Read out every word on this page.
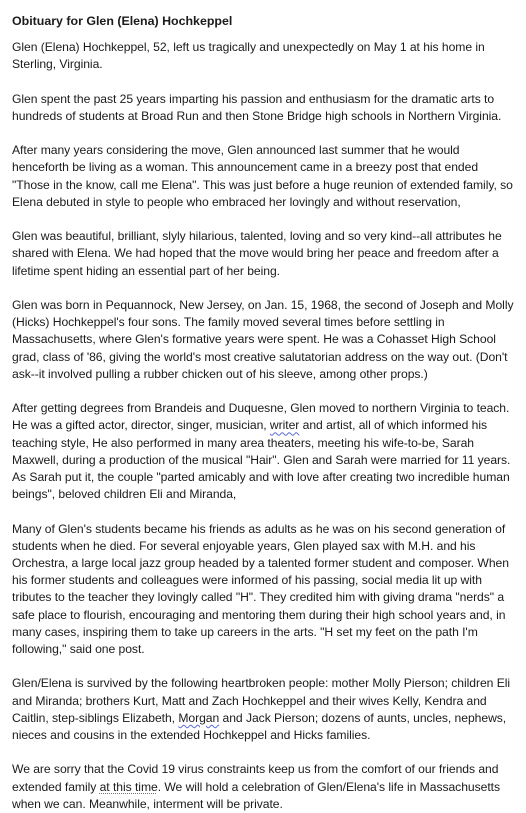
Obituary for Glen (Elena) Hochkeppel

Glen (Elena) Hochkeppel, 52, left us tragically and unexpectedly on May 1 at his home in Sterling, Virginia.

Glen spent the past 25 years imparting his passion and enthusiasm for the dramatic arts to hundreds of students at Broad Run and then Stone Bridge high schools in Northern Virginia.

After many years considering the move, Glen announced last summer that he would henceforth be living as a woman. This announcement came in a breezy post that ended "Those in the know, call me Elena". This was just before a huge reunion of extended family, so Elena debuted in style to people who embraced her lovingly and without reservation,

Glen was beautiful, brilliant, slyly hilarious, talented, loving and so very kind--all attributes he shared with Elena. We had hoped that the move would bring her peace and freedom after a lifetime spent hiding an essential part of her being.

Glen was born in Pequannock, New Jersey, on Jan. 15, 1968, the second of Joseph and Molly (Hicks) Hochkeppel's four sons. The family moved several times before settling in Massachusetts, where Glen's formative years were spent. He was a Cohasset High School grad, class of '86, giving the world's most creative salutatorian address on the way out. (Don't ask--it involved pulling a rubber chicken out of his sleeve, among other props.)

After getting degrees from Brandeis and Duquesne, Glen moved to northern Virginia to teach. He was a gifted actor, director, singer, musician, writer and artist, all of which informed his teaching style, He also performed in many area theaters, meeting his wife-to-be, Sarah Maxwell, during a production of the musical "Hair". Glen and Sarah were married for 11 years. As Sarah put it, the couple "parted amicably and with love after creating two incredible human beings", beloved children Eli and Miranda,

Many of Glen's students became his friends as adults as he was on his second generation of students when he died. For several enjoyable years, Glen played sax with M.H. and his Orchestra, a large local jazz group headed by a talented former student and composer. When his former students and colleagues were informed of his passing, social media lit up with tributes to the teacher they lovingly called "H". They credited him with giving drama "nerds" a safe place to flourish, encouraging and mentoring them during their high school years and, in many cases, inspiring them to take up careers in the arts. "H set my feet on the path I'm following," said one post.

Glen/Elena is survived by the following heartbroken people: mother Molly Pierson; children Eli and Miranda; brothers Kurt, Matt and Zach Hochkeppel and their wives Kelly, Kendra and Caitlin, step-siblings Elizabeth, Morgan and Jack Pierson; dozens of aunts, uncles, nephews, nieces and cousins in the extended Hochkeppel and Hicks families.

We are sorry that the Covid 19 virus constraints keep us from the comfort of our friends and extended family at this time. We will hold a celebration of Glen/Elena's life in Massachusetts when we can. Meanwhile, interment will be private.
